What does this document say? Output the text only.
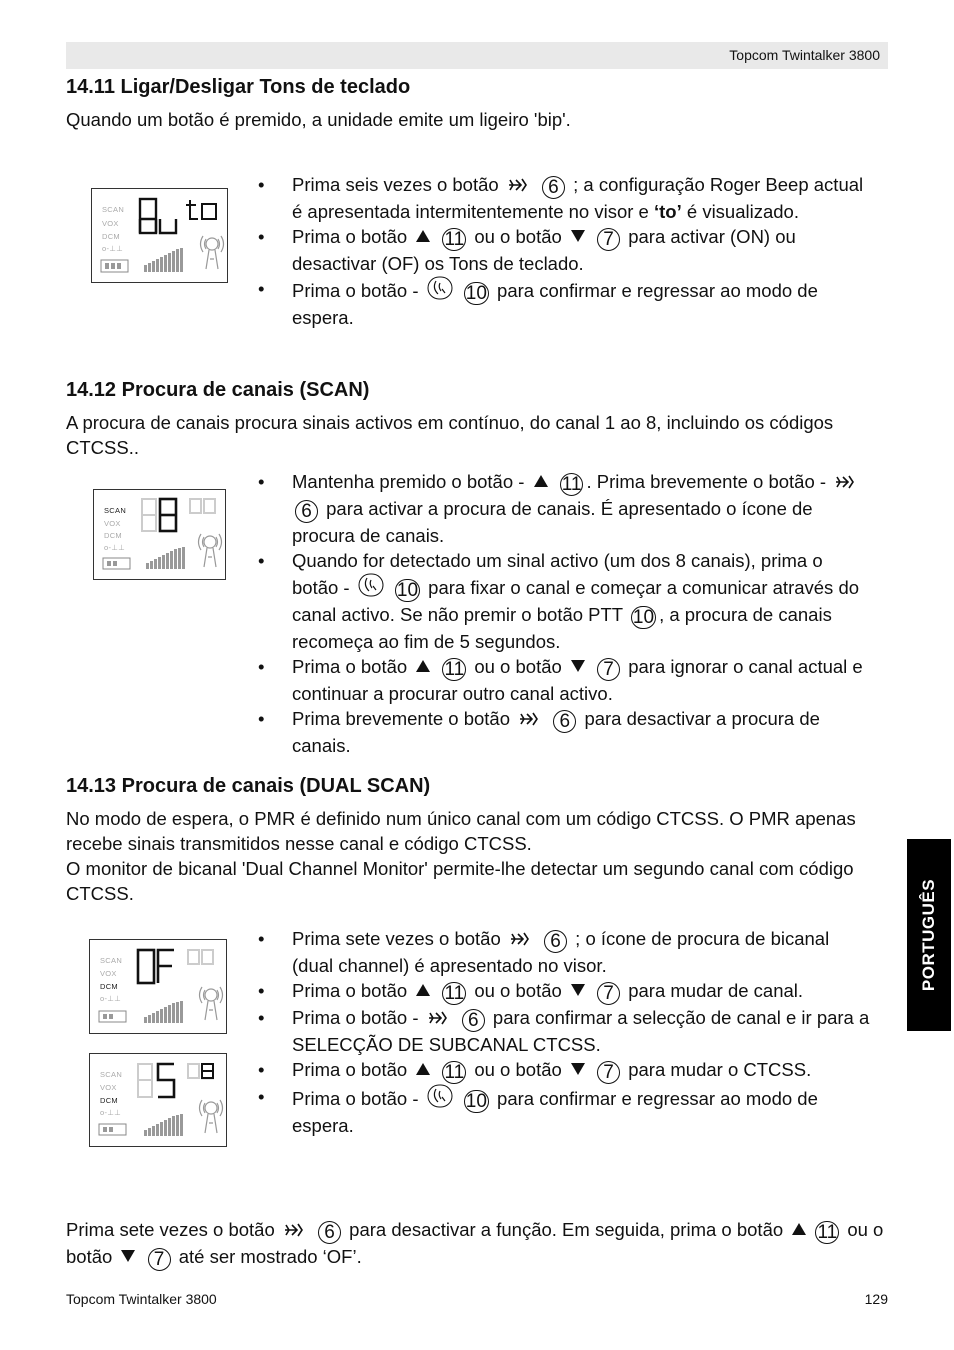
Topcom Twintalker 3800
PORTUGUÊS
14.11 Ligar/Desligar Tons de teclado

Quando um botão é premido, a unidade emite um ligeiro 'bip'.

SCAN
VOX
DCM
o-⊥⊥
• Prima seis vezes o botão	6 ; a configuração Roger Beep actual é apresentada intermitentemente no visor e ‘to’ é visualizado.
• Prima o botão 11 ou o botão 7 para activar (ON) ou desactivar (OF) os Tons de teclado.
• Prima o botão - 10 para confirmar e regressar ao modo de espera.
14.12 Procura de canais (SCAN)

A procura de canais procura sinais activos em contínuo, do canal 1 ao 8, incluindo os códigos CTCSS..

SCAN
VOX
DCM
o-⊥⊥
• Mantenha premido o botão - 11 . Prima brevemente o botão -  6 para activar a procura de canais. É apresentado o ícone de procura de canais.
• Quando for detectado um sinal activo (um dos 8 canais), prima o botão - 10 para fixar o canal e começar a comunicar através do canal activo. Se não premir o botão PTT 10 , a procura de canais recomeça ao fim de 5 segundos.
• Prima o botão 11 ou o botão 7 para ignorar o canal actual e continuar a procurar outro canal activo.
• Prima brevemente o botão	6 para desactivar a procura de canais.
14.13 Procura de canais (DUAL SCAN)

No modo de espera, o PMR é definido num único canal com um código CTCSS. O PMR apenas recebe sinais transmitidos nesse canal e código CTCSS.

O monitor de bicanal 'Dual Channel Monitor' permite-lhe detectar um segundo canal com código CTCSS.

SCAN
VOX
DCM
o-⊥⊥
SCAN
VOX
DCM
o-⊥⊥
• Prima sete vezes o botão	6 ; o ícone de procura de bicanal (dual channel) é apresentado no visor.
• Prima o botão 11 ou o botão 7 para mudar de canal.
• Prima o botão -	6 para confirmar a selecção de canal e ir para a SELECÇÃO DE SUBCANAL CTCSS.
• Prima o botão 11 ou o botão 7 para mudar o CTCSS.
• Prima o botão - 10 para confirmar e regressar ao modo de espera.

Prima sete vezes o botão	6 para desactivar a função. Em seguida, prima o botão 11 ou o botão 7 até ser mostrado ‘OF’.

Topcom Twintalker 3800	129
